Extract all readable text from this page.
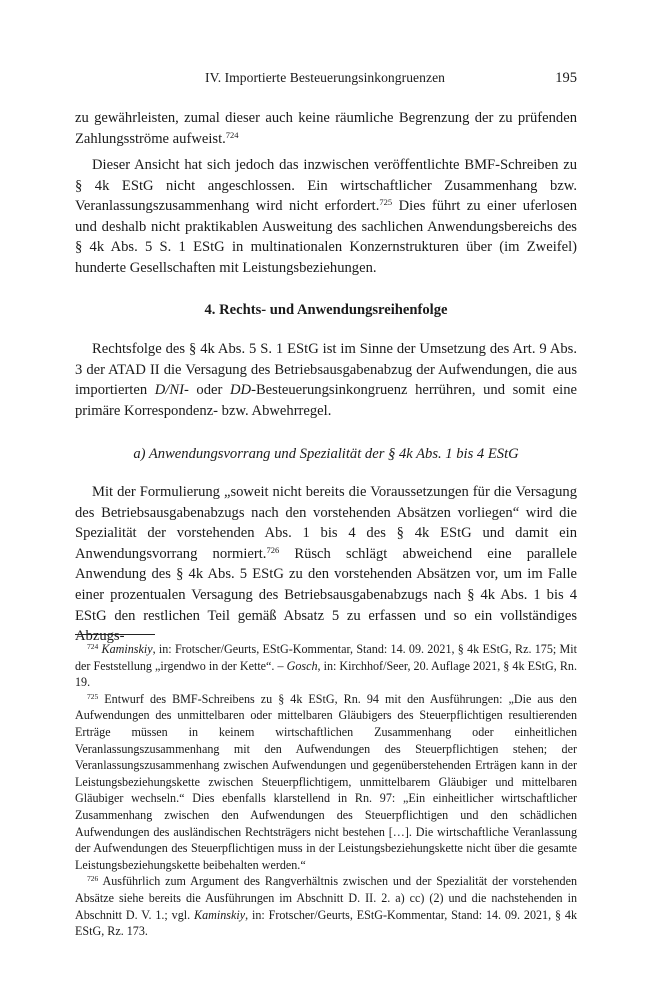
IV. Importierte Besteuerungsinkongruenzen	195

zu gewährleisten, zumal dieser auch keine räumliche Begrenzung der zu prüfenden Zahlungsströme aufweist.$^{724}$

Dieser Ansicht hat sich jedoch das inzwischen veröffentlichte BMF-Schreiben zu § 4k EStG nicht angeschlossen. Ein wirtschaftlicher Zusammenhang bzw. Veranlassungszusammenhang wird nicht erfordert.$^{725}$ Dies führt zu einer uferlosen und deshalb nicht praktikablen Ausweitung des sachlichen Anwendungsbereichs des § 4k Abs. 5 S. 1 EStG in multinationalen Konzernstrukturen über (im Zweifel) hunderte Gesellschaften mit Leistungsbeziehungen.

4. Rechts- und Anwendungsreihenfolge

Rechtsfolge des § 4k Abs. 5 S. 1 EStG ist im Sinne der Umsetzung des Art. 9 Abs. 3 der ATAD II die Versagung des Betriebsausgabenabzug der Aufwendungen, die aus importierten D/NI- oder DD-Besteuerungsinkongruenz herrühren, und somit eine primäre Korrespondenz- bzw. Abwehrregel.

a) Anwendungsvorrang und Spezialität der § 4k Abs. 1 bis 4 EStG

Mit der Formulierung „soweit nicht bereits die Voraussetzungen für die Versagung des Betriebsausgabenabzugs nach den vorstehenden Absätzen vorliegen“ wird die Spezialität der vorstehenden Abs. 1 bis 4 des § 4k EStG und damit ein Anwendungsvorrang normiert.$^{726}$ Rüsch schlägt abweichend eine parallele Anwendung des § 4k Abs. 5 EStG zu den vorstehenden Absätzen vor, um im Falle einer prozentualen Versagung des Betriebsausgabenabzugs nach § 4k Abs. 1 bis 4 EStG den restlichen Teil gemäß Absatz 5 zu erfassen und so ein vollständiges Abzugs-

$^{724}$ Kaminskiy, in: Frotscher/Geurts, EStG-Kommentar, Stand: 14. 09. 2021, § 4k EStG, Rz. 175; Mit der Feststellung „irgendwo in der Kette“. – Gosch, in: Kirchhof/Seer, 20. Auflage 2021, § 4k EStG, Rn. 19.

$^{725}$ Entwurf des BMF-Schreibens zu § 4k EStG, Rn. 94 mit den Ausführungen: „Die aus den Aufwendungen des unmittelbaren oder mittelbaren Gläubigers des Steuerpflichtigen resultierenden Erträge müssen in keinem wirtschaftlichen Zusammenhang oder einheitlichen Veranlassungszusammenhang mit den Aufwendungen des Steuerpflichtigen stehen; der Veranlassungszusammenhang zwischen Aufwendungen und gegenüberstehenden Erträgen kann in der Leistungsbeziehungskette zwischen Steuerpflichtigem, unmittelbarem Gläubiger und mittelbaren Gläubiger wechseln.“ Dies ebenfalls klarstellend in Rn. 97: „Ein einheitlicher wirtschaftlicher Zusammenhang zwischen den Aufwendungen des Steuerpflichtigen und den schädlichen Aufwendungen des ausländischen Rechtsträgers nicht bestehen […]. Die wirtschaftliche Veranlassung der Aufwendungen des Steuerpflichtigen muss in der Leistungsbeziehungskette nicht über die gesamte Leistungsbeziehungskette beibehalten werden.“

$^{726}$ Ausführlich zum Argument des Rangverhältnis zwischen und der Spezialität der vorstehenden Absätze siehe bereits die Ausführungen im Abschnitt D. II. 2. a) cc) (2) und die nachstehenden in Abschnitt D. V. 1.; vgl. Kaminskiy, in: Frotscher/Geurts, EStG-Kommentar, Stand: 14. 09. 2021, § 4k EStG, Rz. 173.
